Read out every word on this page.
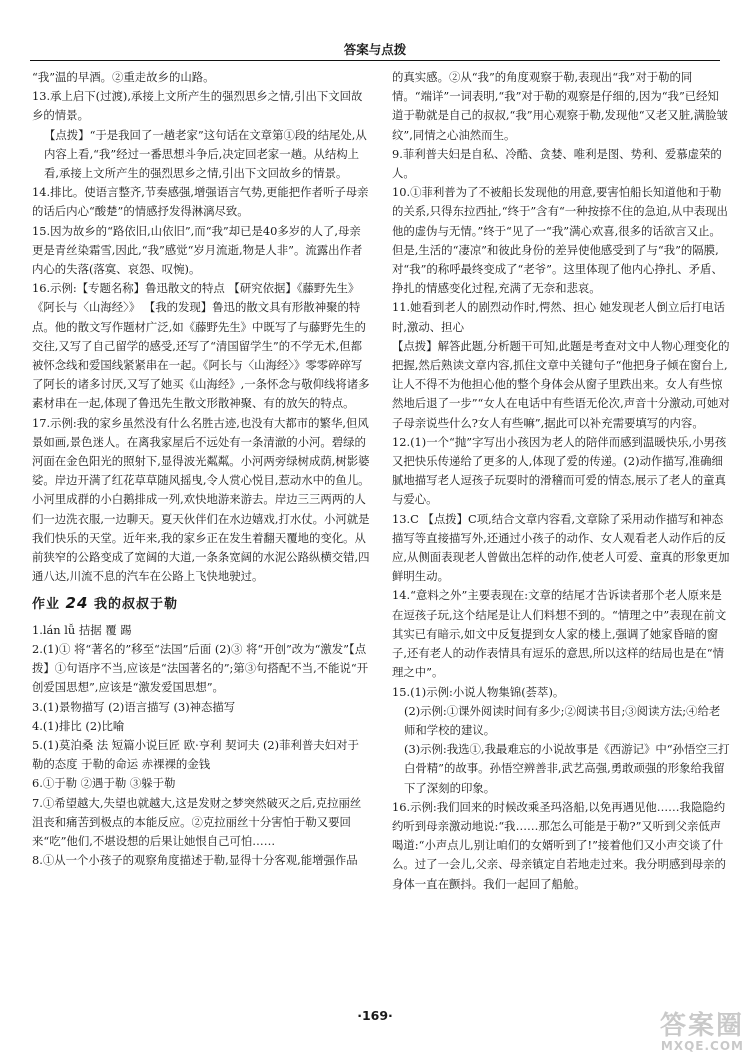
答案与点拨

“我”温的早酒。②重走故乡的山路。

13.承上启下(过渡),承接上文所产生的强烈思乡之情,引出下文回故乡的情景。

【点拨】“于是我回了一趟老家”这句话在文章第①段的结尾处,从内容上看,“我”经过一番思想斗争后,决定回老家一趟。从结构上看,承接上文所产生的强烈思乡之情,引出下文回故乡的情景。

14.排比。使语言整齐,节奏感强,增强语言气势,更能把作者听子母亲的话后内心“酸楚”的情感抒发得淋漓尽致。

15.因为故乡的“路依旧,山依旧”,而“我”却已是40多岁的人了,母亲更是青丝染霜雪,因此,“我”感觉“岁月流逝,物是人非”。流露出作者内心的失落(落寞、哀怨、叹惋)。

16.示例:【专题名称】鲁迅散文的特点 【研究依据】《藤野先生》《阿长与〈山海经〉》 【我的发现】鲁迅的散文具有形散神聚的特点。他的散文写作题材广泛,如《藤野先生》中既写了与藤野先生的交往,又写了自己留学的感受,还写了“清国留学生”的不学无术,但都被怀念线和爱国线紧紧串在一起。《阿长与〈山海经〉》零零碎碎写了阿长的诸多讨厌,又写了她买《山海经》,一条怀念与敬仰线将诸多素材串在一起,体现了鲁迅先生散文形散神聚、有的放矢的特点。

17.示例:我的家乡虽然没有什么名胜古迹,也没有大都市的繁华,但风景如画,景色迷人。在离我家屋后不远处有一条清澈的小河。碧绿的河面在金色阳光的照射下,显得波光粼粼。小河两旁绿树成荫,树影婆娑。岸边开满了红花草草随风摇曳,令人赏心悦目,惹动水中的鱼儿。小河里成群的小白鹅排成一列,欢快地游来游去。岸边三三两两的人们一边洗衣服,一边聊天。夏天伙伴们在水边嬉戏,打水仗。小河就是我们快乐的天堂。近年来,我的家乡正在发生着翻天覆地的变化。从前狭窄的公路变成了宽阔的大道,一条条宽阔的水泥公路纵横交错,四通八达,川流不息的汽车在公路上飞快地驶过。

作业 24 我的叔叔于勒

1.lán lǚ 拮据 覆 踢

2.(1)① 将“著名的”移至“法国”后面 (2)③ 将“开创”改为“激发”【点拨】①句语序不当,应该是“法国著名的”;第③句搭配不当,不能说“开创爱国思想”,应该是“激发爱国思想”。

3.(1)景物描写 (2)语言描写 (3)神态描写

4.(1)排比 (2)比喻

5.(1)莫泊桑 法 短篇小说巨匠 欧·亨利 契诃夫 (2)菲利普夫妇对于勒的态度 于勒的命运 赤裸裸的金钱

6.①于勒 ②遇于勒 ③躲于勒

7.①希望越大,失望也就越大,这是发财之梦突然破灭之后,克拉丽丝沮丧和痛苦到极点的本能反应。②克拉丽丝十分害怕于勒又要回来“吃”他们,不堪设想的后果让她恨自己可怕……

8.①从一个小孩子的观察角度描述于勒,显得十分客观,能增强作品

的真实感。②从“我”的角度观察于勒,表现出“我”对于勒的同情。“端详”一词表明,“我”对于勒的观察是仔细的,因为“我”已经知道于勒就是自己的叔叔,“我”用心观察于勒,发现他“又老又脏,满脸皱纹”,同情之心油然而生。

9.菲利普夫妇是自私、冷酷、贪婪、唯利是图、势利、爱慕虚荣的人。

10.①菲利普为了不被船长发现他的用意,要害怕船长知道他和于勒的关系,只得东拉西扯,“终于”含有“一种按捺不住的急迫,从中表现出他的虚伪与无情。”终于“见了一“我”满心欢喜,很多的话欲言又止。但是,生活的“凄凉”和彼此身份的差异使他感受到了与“我”的隔膜,对“我”的称呼最终变成了“老爷”。这里体现了他内心挣扎、矛盾、挣扎的情感变化过程,充满了无奈和悲哀。

11.她看到老人的剧烈动作时,愕然、担心 她发现老人倒立后打电话时,激动、担心

【点拨】解答此题,分析题干可知,此题是考查对文中人物心理变化的把握,然后熟读文章内容,抓住文章中关键句子“他把身子倾在窗台上,让人不得不为他担心他的整个身体会从窗子里跌出来。女人有些惊然地后退了一步”“女人在电话中有些语无伦次,声音十分激动,可她对子母亲说些什么?女人有些嘛”,据此可以补充需要填写的内容。

12.(1)一个“抛”字写出小孩因为老人的陪伴而感到温暖快乐,小男孩又把快乐传递给了更多的人,体现了爱的传递。(2)动作描写,准确细腻地描写老人逗孩子玩耍时的滑稽而可爱的情态,展示了老人的童真与爱心。

13.C 【点拨】C项,结合文章内容看,文章除了采用动作描写和神态描写等直接描写外,还通过小孩子的动作、女人观看老人动作后的反应,从侧面表现老人曾做出怎样的动作,使老人可爱、童真的形象更加鲜明生动。

14.“意料之外”主要表现在:文章的结尾才告诉读者那个老人原来是在逗孩子玩,这个结尾是让人们料想不到的。“情理之中”表现在前文其实已有暗示,如文中反复提到女人家的楼上,强调了她家昏暗的窗子,还有老人的动作表情具有逗乐的意思,所以这样的结局也是在“情理之中”。

15.(1)示例:小说人物集锦(荟萃)。

(2)示例:①课外阅读时间有多少;②阅读书目;③阅读方法;④给老师和学校的建议。

(3)示例:我选①,我最难忘的小说故事是《西游记》中“孙悟空三打白骨精”的故事。孙悟空辨善非,武艺高强,勇敢顽强的形象给我留下了深刻的印象。

16.示例:我们回来的时候改乘圣玛洛船,以免再遇见他……我隐隐约约听到母亲激动地说:“我……那怎么可能是于勒?”又听到父亲低声喝道:“小声点儿,别让咱们的女婿听到了!”接着他们又小声交谈了什么。过了一会儿,父亲、母亲镇定自若地走过来。我分明感到母亲的身体一直在颤抖。我们一起回了船舱。

·169·	答案圈
MXQE.COM
